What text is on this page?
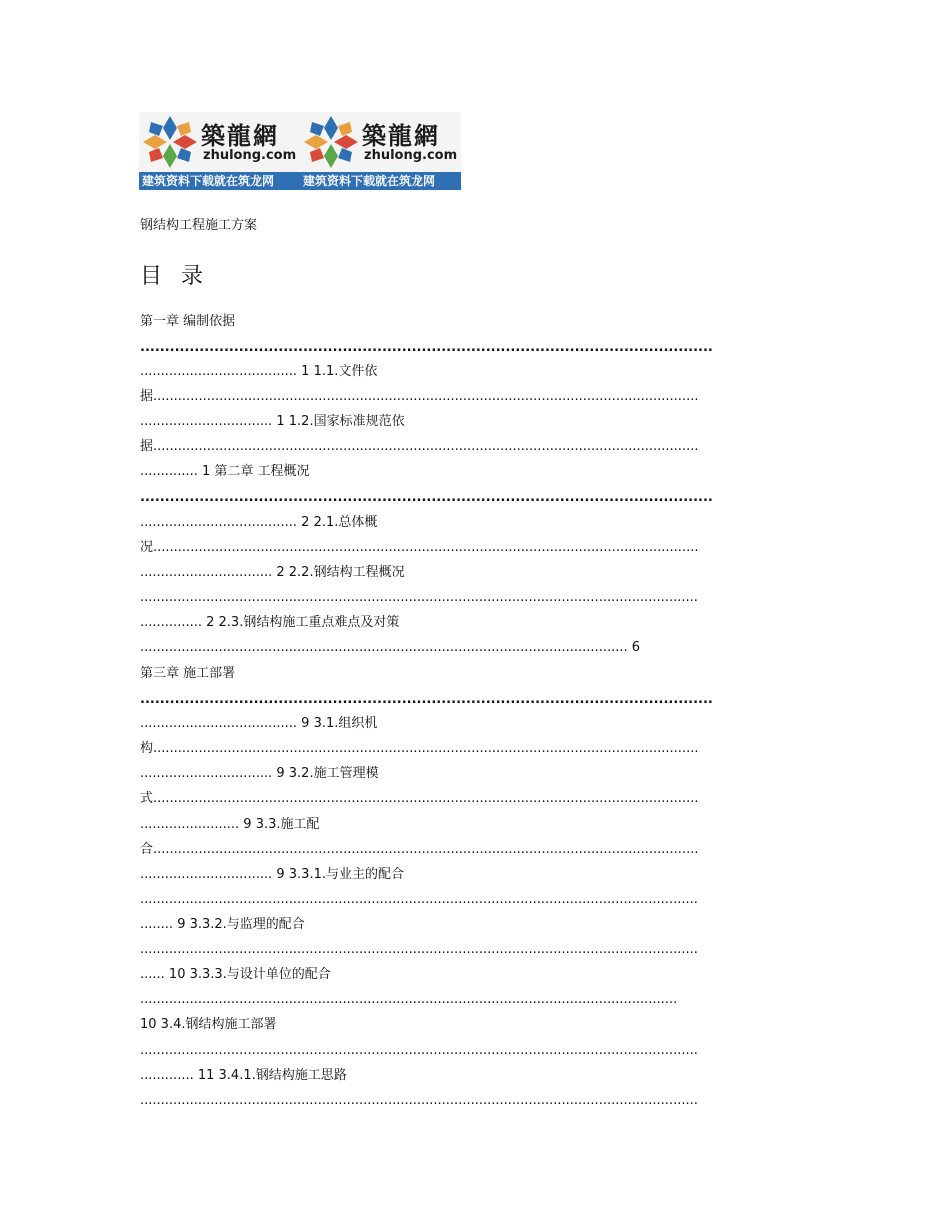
築龍網
zhulong.com
築龍網
zhulong.com
建筑资料下载就在筑龙网 建筑资料下载就在筑龙网
钢结构工程施工方案
目 录
第一章 编制依据
....................................................................................................................
...................................... 1 1.1.文件依
据....................................................................................................................................
................................ 1 1.2.国家标准规范依
据....................................................................................................................................
.............. 1 第二章 工程概况
....................................................................................................................
...................................... 2 2.1.总体概
况....................................................................................................................................
................................ 2 2.2.钢结构工程概况
.......................................................................................................................................
............... 2 2.3.钢结构施工重点难点及对策
...................................................................................................................... 6
第三章 施工部署
....................................................................................................................
...................................... 9 3.1.组织机
构....................................................................................................................................
................................ 9 3.2.施工管理模
式....................................................................................................................................
........................ 9 3.3.施工配
合....................................................................................................................................
................................ 9 3.3.1.与业主的配合
.......................................................................................................................................
........ 9 3.3.2.与监理的配合
.......................................................................................................................................
...... 10 3.3.3.与设计单位的配合
..................................................................................................................................
10 3.4.钢结构施工部署
.......................................................................................................................................
............. 11 3.4.1.钢结构施工思路
.......................................................................................................................................
